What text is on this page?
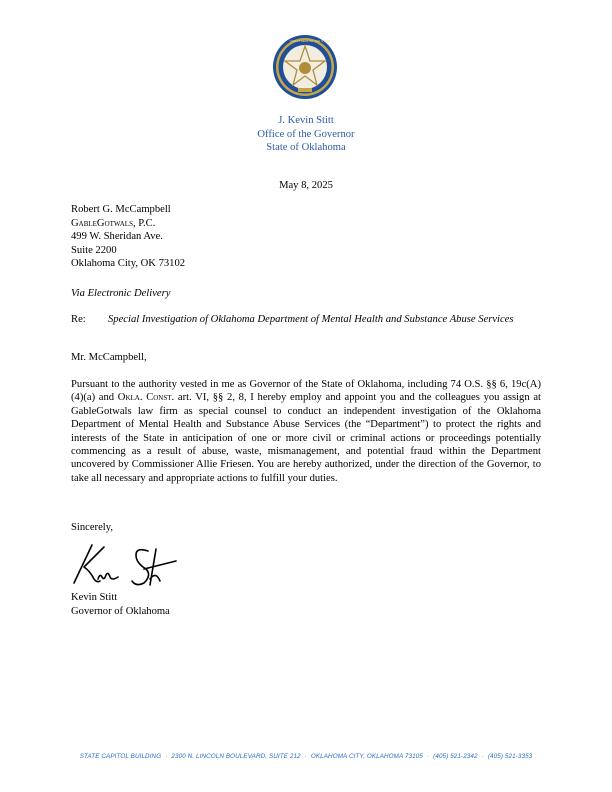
GREAT SEAL OF THE STATE
J. Kevin Stitt
Office of the Governor
State of Oklahoma
May 8, 2025
Robert G. McCampbell
GableGotwals, P.C.
499 W. Sheridan Ave.
Suite 2200
Oklahoma City, OK 73102
Via Electronic Delivery
Re: Special Investigation of Oklahoma Department of Mental Health and Substance Abuse Services
Mr. McCampbell,
Pursuant to the authority vested in me as Governor of the State of Oklahoma, including 74 O.S. §§ 6, 19c(A)(4)(a) and Okla. Const. art. VI, §§ 2, 8, I hereby employ and appoint you and the colleagues you assign at GableGotwals law firm as special counsel to conduct an independent investigation of the Oklahoma Department of Mental Health and Substance Abuse Services (the “Department”) to protect the rights and interests of the State in anticipation of one or more civil or criminal actions or proceedings potentially commencing as a result of abuse, waste, mismanagement, and potential fraud within the Department uncovered by Commissioner Allie Friesen. You are hereby authorized, under the direction of the Governor, to take all necessary and appropriate actions to fulfill your duties.
Sincerely,
Kevin Stitt
Governor of Oklahoma
STATE CAPITOL BUILDING · 2300 N. LINCOLN BOULEVARD, SUITE 212 · OKLAHOMA CITY, OKLAHOMA 73105 · (405) 521-2342 · (405) 521-3353
